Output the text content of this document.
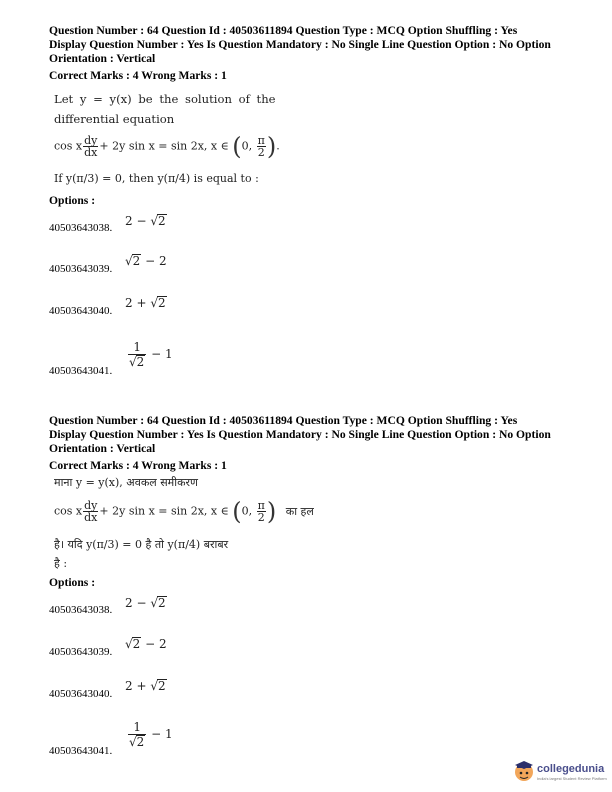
Question Number : 64 Question Id : 40503611894 Question Type : MCQ Option Shuffling : Yes
Display Question Number : Yes Is Question Mandatory : No Single Line Question Option : No Option
Orientation : Vertical
Correct Marks : 4 Wrong Marks : 1
Let y = y(x) be the solution of the
differential equation
cos x $\frac{dy}{dx} + 2y$ sin x = sin 2x, x ∈ (0, $\frac{\pi}{2}$ ).
If y(π/3) = 0, then y(π/4) is equal to :
Options :
40503643038. 2 − √2
40503643039.
√2 − 2
40503643040.
2 + √2
40503643041.
$\frac{1}{√2} - 1$
Question Number : 64 Question Id : 40503611894 Question Type : MCQ Option Shuffling : Yes
Display Question Number : Yes Is Question Mandatory : No Single Line Question Option : No Option
Orientation : Vertical
Correct Marks : 4 Wrong Marks : 1
माना y = y(x), अवकल समीकरण
cos x $\frac{dy}{dx} + 2y$ sin x = sin 2x, x ∈ (0, $\frac{\pi}{2}$ ) का हल
है। यदि y(π/3) = 0 है तो y(π/4) बराबर
है :
Options :
40503643038. 2 − √2
40503643039.
√2 − 2
40503643040.
2 + √2
40503643041.
$\frac{1}{√2} - 1$
collegedunia
India's largest Student Review Platform
